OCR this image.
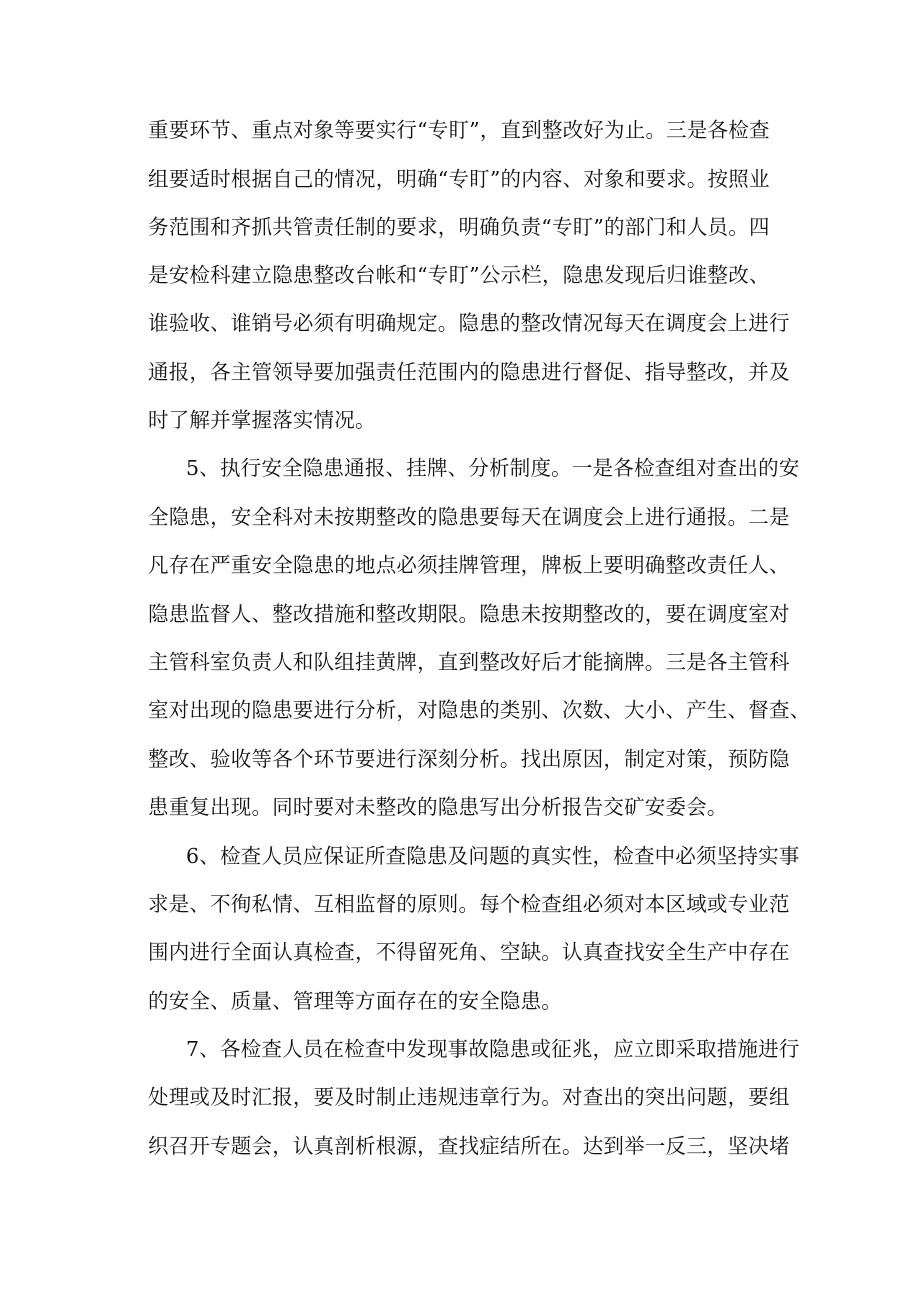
重要环节、重点对象等要实行“专盯”，直到整改好为止。三是各检查

组要适时根据自己的情况，明确“专盯”的内容、对象和要求。按照业

务范围和齐抓共管责任制的要求，明确负责“专盯”的部门和人员。四

是安检科建立隐患整改台帐和“专盯”公示栏，隐患发现后归谁整改、

谁验收、谁销号必须有明确规定。隐患的整改情况每天在调度会上进行

通报，各主管领导要加强责任范围内的隐患进行督促、指导整改，并及

时了解并掌握落实情况。

5、执行安全隐患通报、挂牌、分析制度。一是各检查组对查出的安

全隐患，安全科对未按期整改的隐患要每天在调度会上进行通报。二是

凡存在严重安全隐患的地点必须挂牌管理，牌板上要明确整改责任人、

隐患监督人、整改措施和整改期限。隐患未按期整改的，要在调度室对

主管科室负责人和队组挂黄牌，直到整改好后才能摘牌。三是各主管科

室对出现的隐患要进行分析，对隐患的类别、次数、大小、产生、督查、

整改、验收等各个环节要进行深刻分析。找出原因，制定对策，预防隐

患重复出现。同时要对未整改的隐患写出分析报告交矿安委会。

6、检查人员应保证所查隐患及问题的真实性，检查中必须坚持实事

求是、不徇私情、互相监督的原则。每个检查组必须对本区域或专业范

围内进行全面认真检查，不得留死角、空缺。认真查找安全生产中存在

的安全、质量、管理等方面存在的安全隐患。

7、各检查人员在检查中发现事故隐患或征兆，应立即采取措施进行

处理或及时汇报，要及时制止违规违章行为。对查出的突出问题，要组

织召开专题会，认真剖析根源，查找症结所在。达到举一反三，坚决堵
